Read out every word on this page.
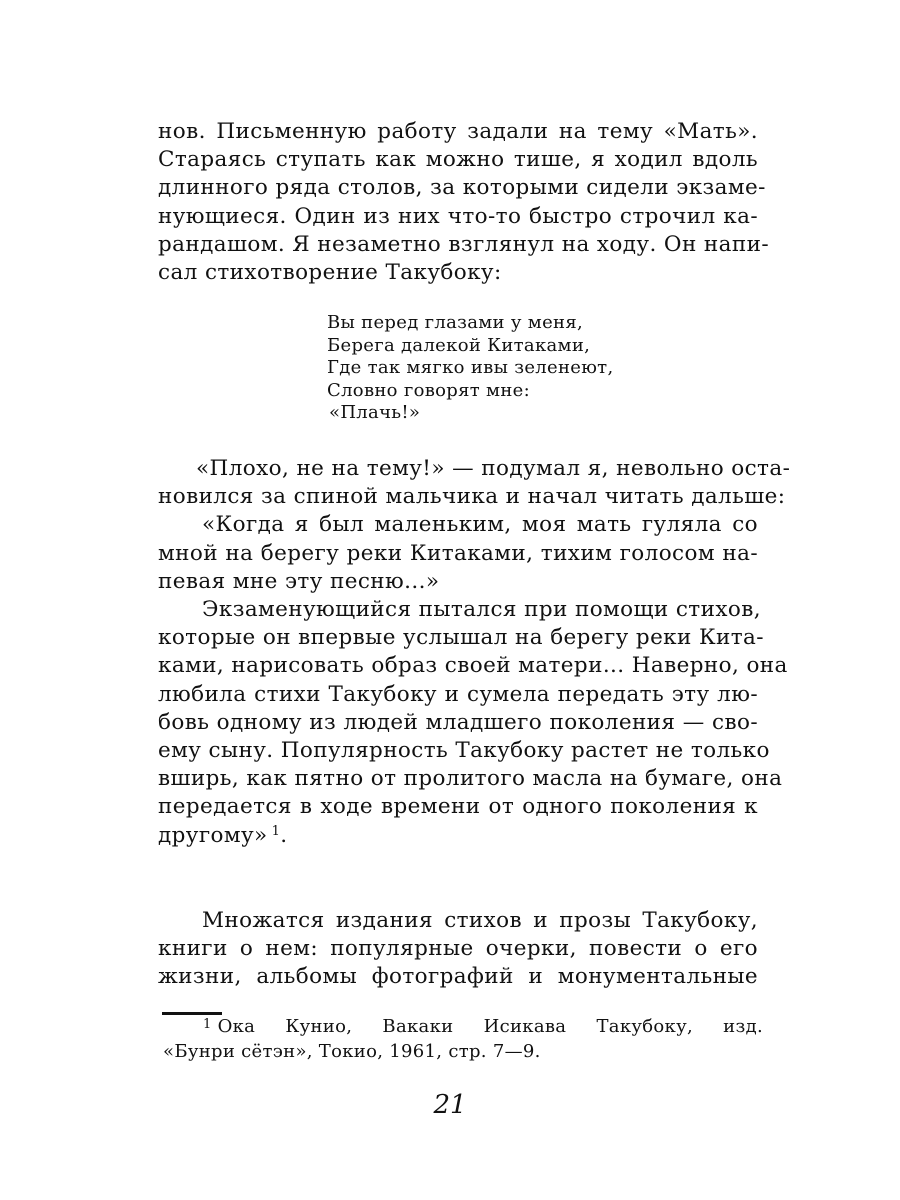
нов. Письменную работу задали на тему «Мать».
Стараясь ступать как можно тише, я ходил вдоль
длинного ряда столов, за которыми сидели экзаме-
нующиеся. Один из них что-то быстро строчил ка-
рандашом. Я незаметно взглянул на ходу. Он напи-
сал стихотворение Такубоку:

Вы перед глазами у меня,
Берега далекой Китаками,
Где так мягко ивы зеленеют,
Словно говорят мне:
«Плачь!»

«Плохо, не на тему!» — подумал я, невольно оста-
новился за спиной мальчика и начал читать дальше:

«Когда я был маленьким, моя мать гуляла со
мной на берегу реки Китаками, тихим голосом на-
певая мне эту песню...»

Экзаменующийся пытался при помощи стихов,
которые он впервые услышал на берегу реки Кита-
ками, нарисовать образ своей матери... Наверно, она
любила стихи Такубоку и сумела передать эту лю-
бовь одному из людей младшего поколения — сво-
ему сыну. Популярность Такубоку растет не только
вширь, как пятно от пролитого масла на бумаге, она
передается в ходе времени от одного поколения к
другому» $^1$.

Множатся издания стихов и прозы Такубоку,
книги о нем: популярные очерки, повести о его
жизни, альбомы фотографий и монументальные

$^1$ Ока Кунио, Вакаки Исикава Такубоку, изд.
«Бунри сётэн», Токио, 1961, стр. 7—9.
21
